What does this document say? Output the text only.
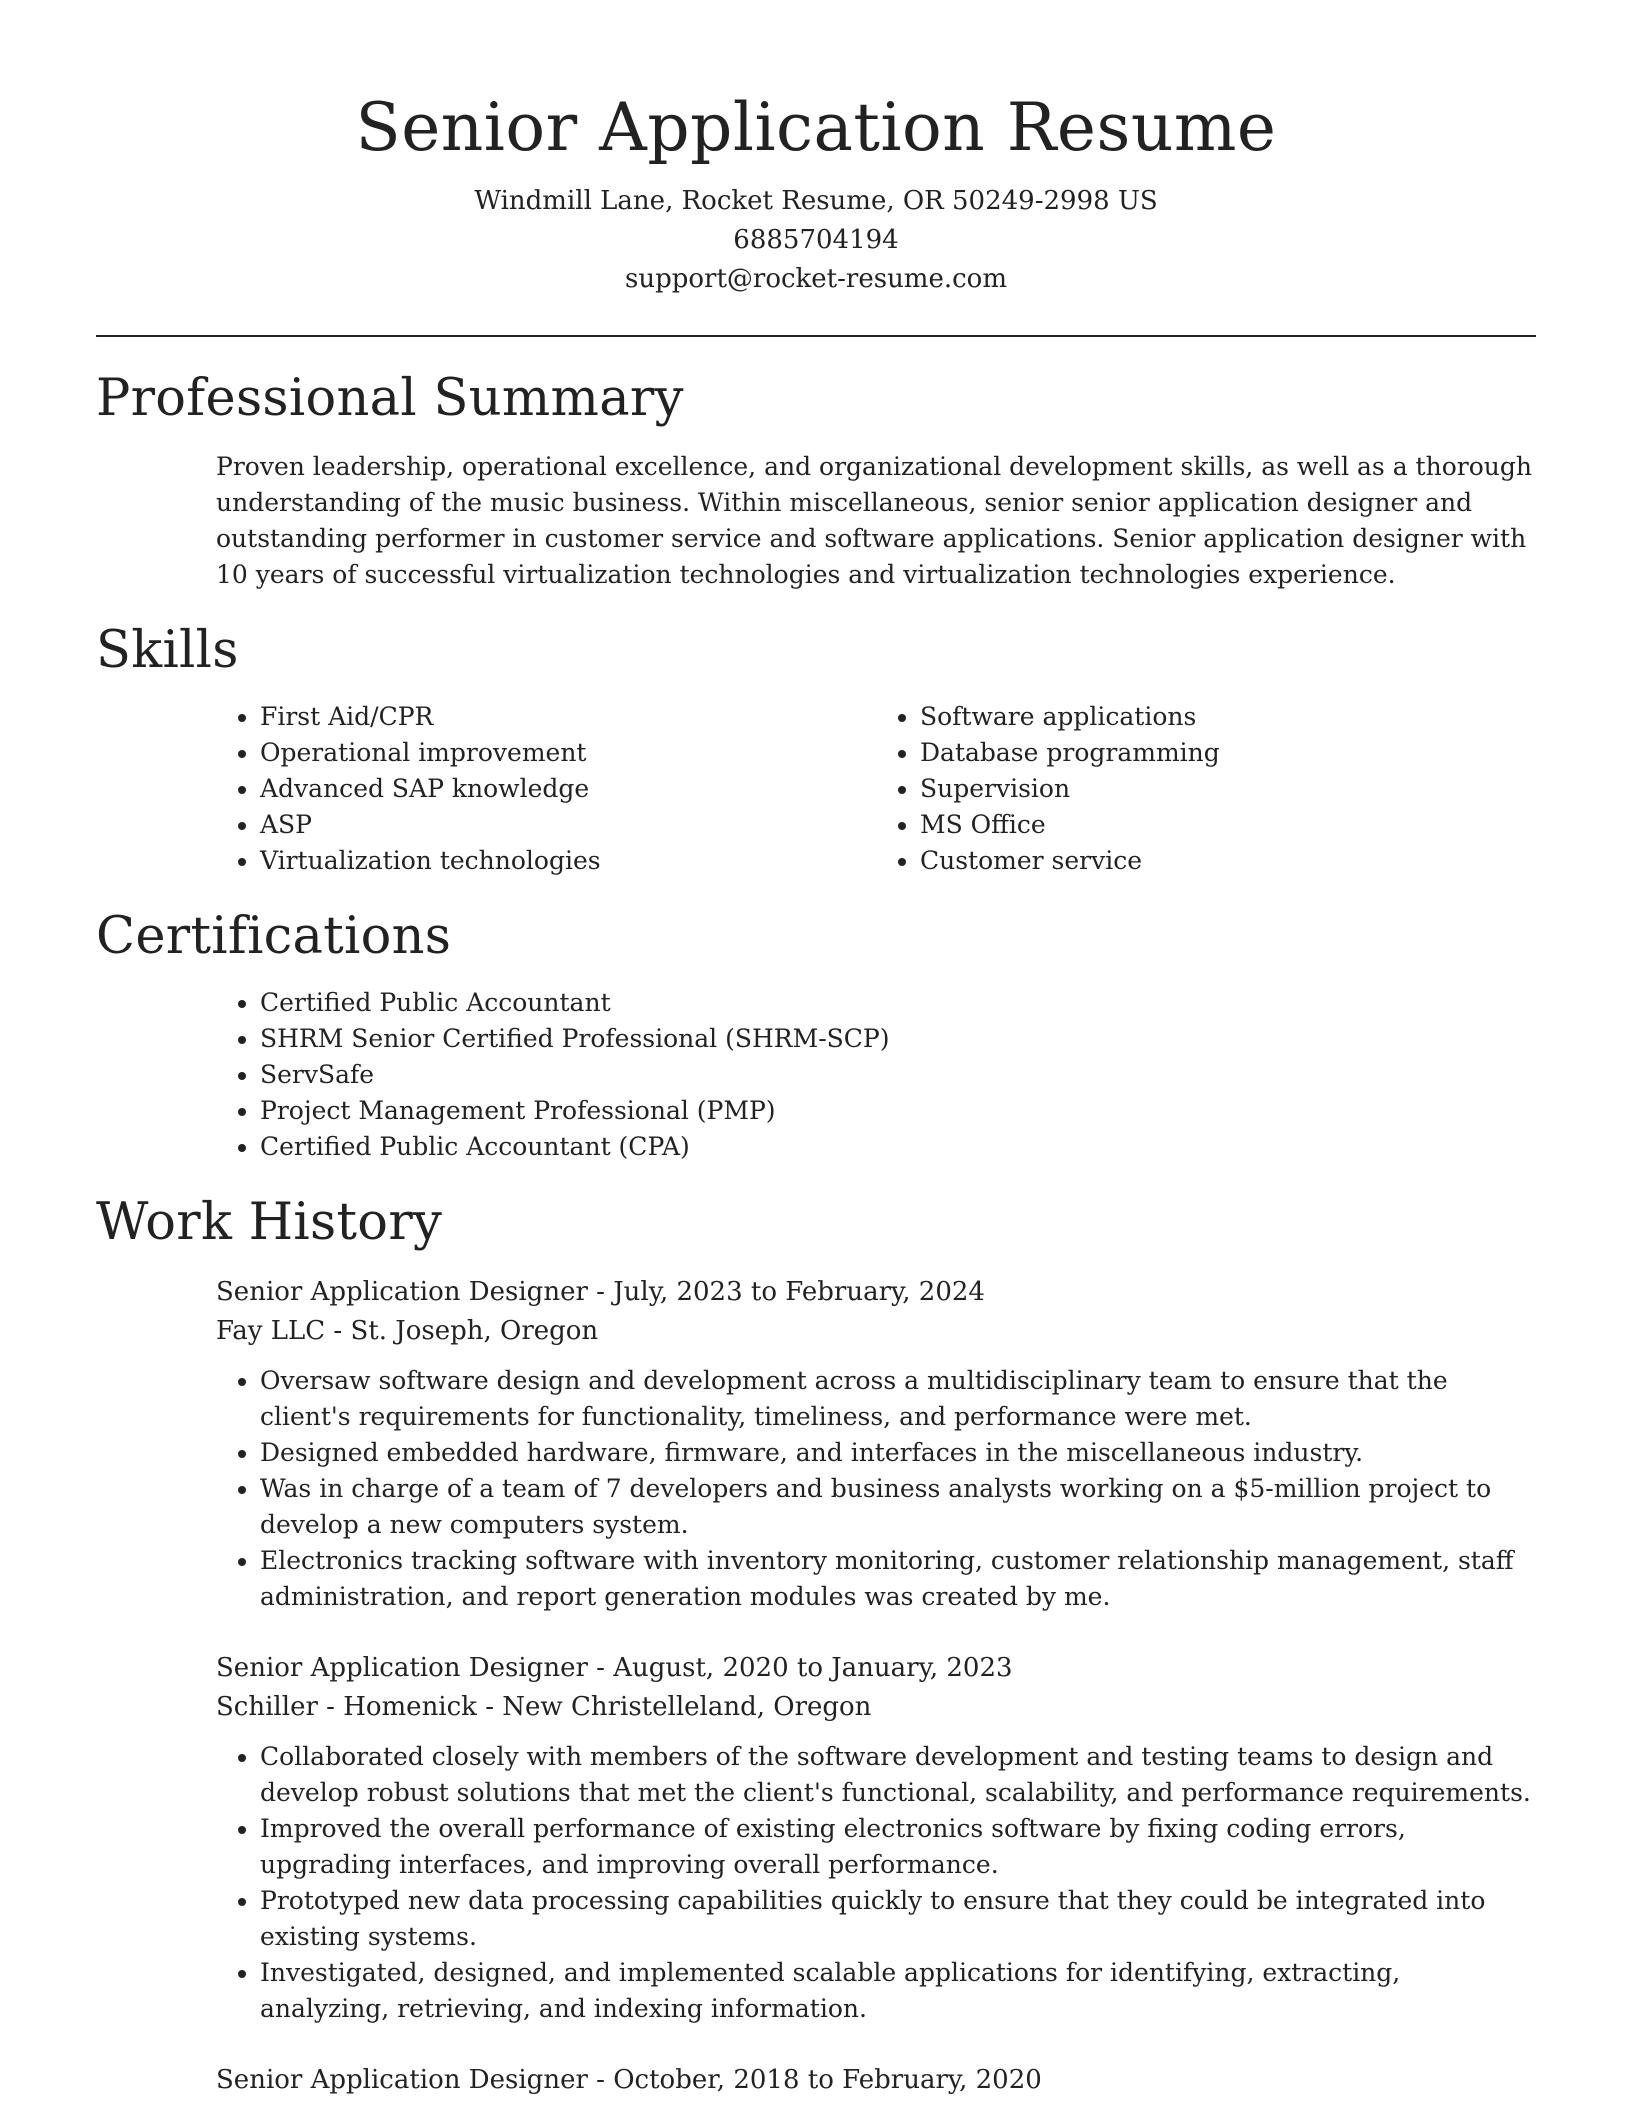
Senior Application Resume
Windmill Lane, Rocket Resume, OR 50249-2998 US
6885704194
support@rocket-resume.com
Professional Summary

Proven leadership, operational excellence, and organizational development skills, as well as a thorough understanding of the music business. Within miscellaneous, senior senior application designer and outstanding performer in customer service and software applications. Senior application designer with 10 years of successful virtualization technologies and virtualization technologies experience.

Skills
• First Aid/CPR
• Operational improvement
• Advanced SAP knowledge
• ASP
• Virtualization technologies
• Software applications
• Database programming
• Supervision
• MS Office
• Customer service
Certifications
• Certified Public Accountant
• SHRM Senior Certified Professional (SHRM-SCP)
• ServSafe
• Project Management Professional (PMP)
• Certified Public Accountant (CPA)
Work History
Senior Application Designer - July, 2023 to February, 2024
Fay LLC - St. Joseph, Oregon
• Oversaw software design and development across a multidisciplinary team to ensure that the client's requirements for functionality, timeliness, and performance were met.
• Designed embedded hardware, firmware, and interfaces in the miscellaneous industry.
• Was in charge of a team of 7 developers and business analysts working on a $5-million project to develop a new computers system.
• Electronics tracking software with inventory monitoring, customer relationship management, staff administration, and report generation modules was created by me.
Senior Application Designer - August, 2020 to January, 2023
Schiller - Homenick - New Christelleland, Oregon
• Collaborated closely with members of the software development and testing teams to design and develop robust solutions that met the client's functional, scalability, and performance requirements.
• Improved the overall performance of existing electronics software by fixing coding errors, upgrading interfaces, and improving overall performance.
• Prototyped new data processing capabilities quickly to ensure that they could be integrated into existing systems.
• Investigated, designed, and implemented scalable applications for identifying, extracting, analyzing, retrieving, and indexing information.
Senior Application Designer - October, 2018 to February, 2020
